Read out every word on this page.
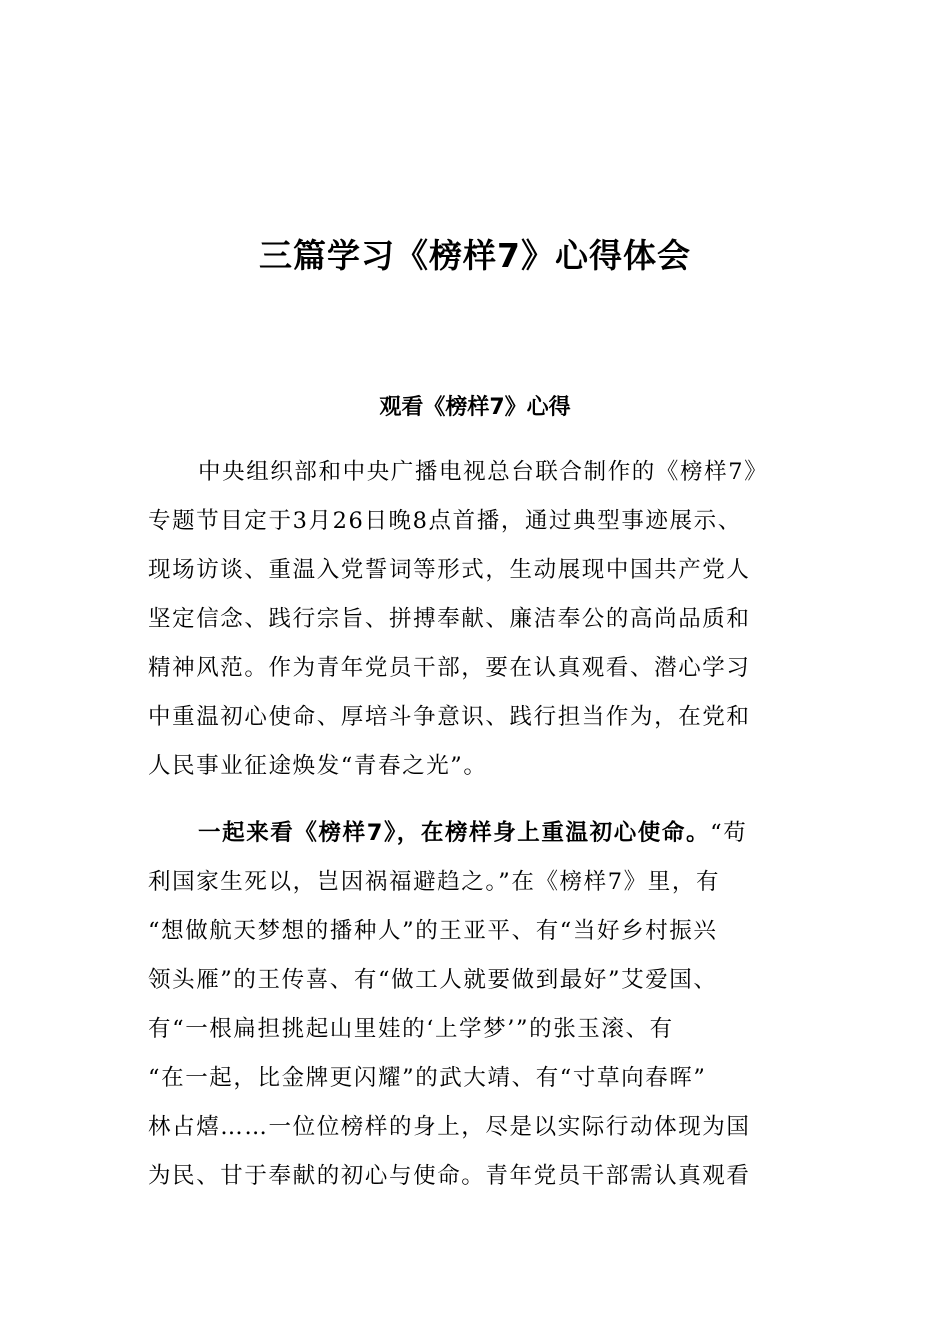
三篇学习《榜样7》心得体会
观看《榜样7》心得
中央组织部和中央广播电视总台联合制作的《榜样7》
专题节目定于3月26日晚8点首播，通过典型事迹展示、
现场访谈、重温入党誓词等形式，生动展现中国共产党人
坚定信念、践行宗旨、拼搏奉献、廉洁奉公的高尚品质和
精神风范。作为青年党员干部，要在认真观看、潜心学习
中重温初心使命、厚培斗争意识、践行担当作为，在党和
人民事业征途焕发“青春之光”。
一起来看《榜样7》，在榜样身上重温初心使命。“苟
利国家生死以，岂因祸福避趋之。”在《榜样7》里，有
“想做航天梦想的播种人”的王亚平、有“当好乡村振兴
领头雁”的王传喜、有“做工人就要做到最好”艾爱国、
有“一根扁担挑起山里娃的‘上学梦’”的张玉滚、有
“在一起，比金牌更闪耀”的武大靖、有“寸草向春晖”
林占熺……一位位榜样的身上，尽是以实际行动体现为国
为民、甘于奉献的初心与使命。青年党员干部需认真观看
